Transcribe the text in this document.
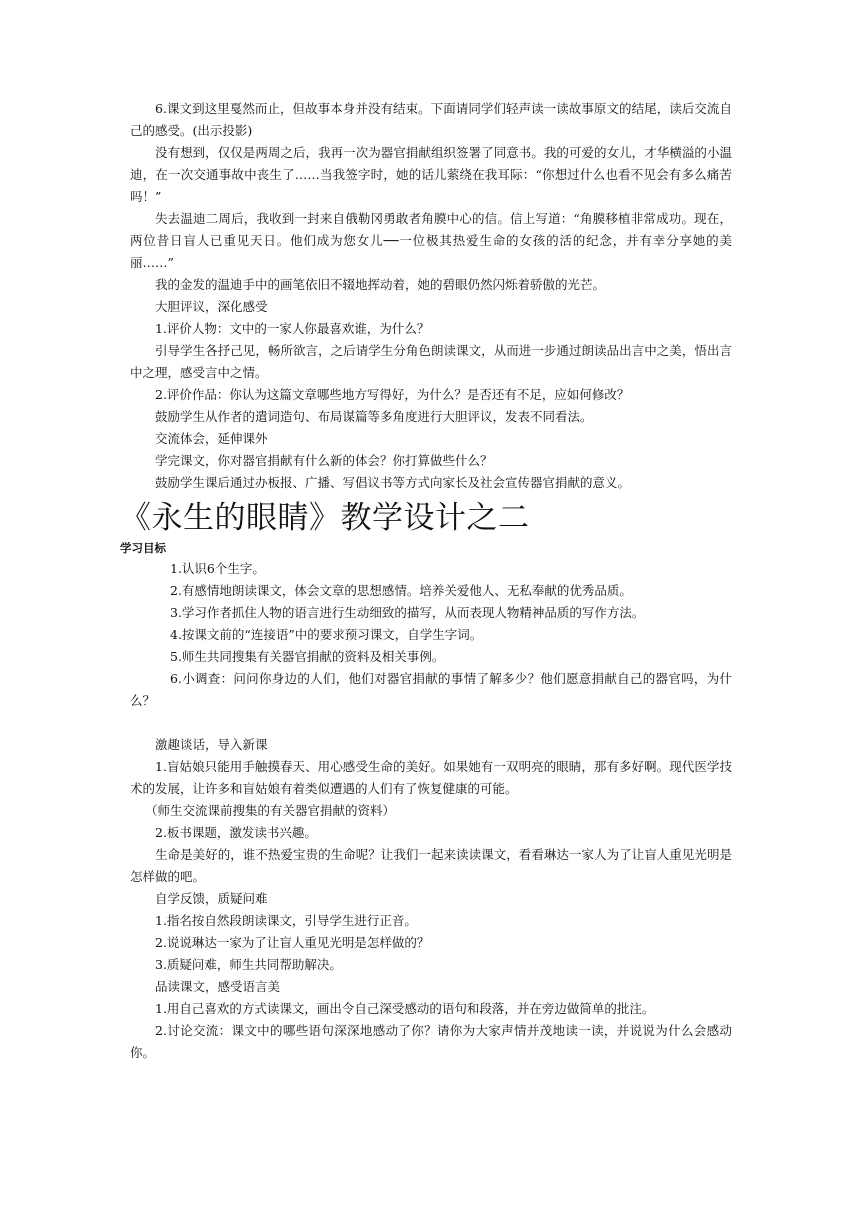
6.课文到这里戛然而止，但故事本身并没有结束。下面请同学们轻声读一读故事原文的结尾，读后交流自己的感受。(出示投影)

没有想到，仅仅是两周之后，我再一次为器官捐献组织签署了同意书。我的可爱的女儿，才华横溢的小温迪，在一次交通事故中丧生了……当我签字时，她的话儿萦绕在我耳际：“你想过什么也看不见会有多么痛苦吗！”

失去温迪二周后，我收到一封来自俄勒冈勇敢者角膜中心的信。信上写道：“角膜移植非常成功。现在，两位昔日盲人已重见天日。他们成为您女儿──一位极其热爱生命的女孩的活的纪念，并有幸分享她的美丽……”

我的金发的温迪手中的画笔依旧不辍地挥动着，她的碧眼仍然闪烁着骄傲的光芒。

大胆评议，深化感受

1.评价人物：文中的一家人你最喜欢谁，为什么？

引导学生各抒己见，畅所欲言，之后请学生分角色朗读课文，从而进一步通过朗读品出言中之美，悟出言中之理，感受言中之情。

2.评价作品：你认为这篇文章哪些地方写得好，为什么？是否还有不足，应如何修改？

鼓励学生从作者的遣词造句、布局谋篇等多角度进行大胆评议，发表不同看法。

交流体会，延伸课外

学完课文，你对器官捐献有什么新的体会？你打算做些什么？

鼓励学生课后通过办板报、广播、写倡议书等方式向家长及社会宣传器官捐献的意义。

《永生的眼睛》教学设计之二
学习目标

1.认识6个生字。

2.有感情地朗读课文，体会文章的思想感情。培养关爱他人、无私奉献的优秀品质。

3.学习作者抓住人物的语言进行生动细致的描写，从而表现人物精神品质的写作方法。

4.按课文前的“连接语”中的要求预习课文，自学生字词。

5.师生共同搜集有关器官捐献的资料及相关事例。

6.小调查：问问你身边的人们，他们对器官捐献的事情了解多少？他们愿意捐献自己的器官吗，为什么？

激趣谈话，导入新课

1.盲姑娘只能用手触摸春天、用心感受生命的美好。如果她有一双明亮的眼睛，那有多好啊。现代医学技术的发展，让许多和盲姑娘有着类似遭遇的人们有了恢复健康的可能。

（师生交流课前搜集的有关器官捐献的资料）

2.板书课题，激发读书兴趣。

生命是美好的，谁不热爱宝贵的生命呢？让我们一起来读读课文，看看琳达一家人为了让盲人重见光明是怎样做的吧。

自学反馈，质疑问难

1.指名按自然段朗读课文，引导学生进行正音。

2.说说琳达一家为了让盲人重见光明是怎样做的？

3.质疑问难，师生共同帮助解决。

品读课文，感受语言美

1.用自己喜欢的方式读课文，画出令自己深受感动的语句和段落，并在旁边做简单的批注。

2.讨论交流：课文中的哪些语句深深地感动了你？请你为大家声情并茂地读一读，并说说为什么会感动你。
